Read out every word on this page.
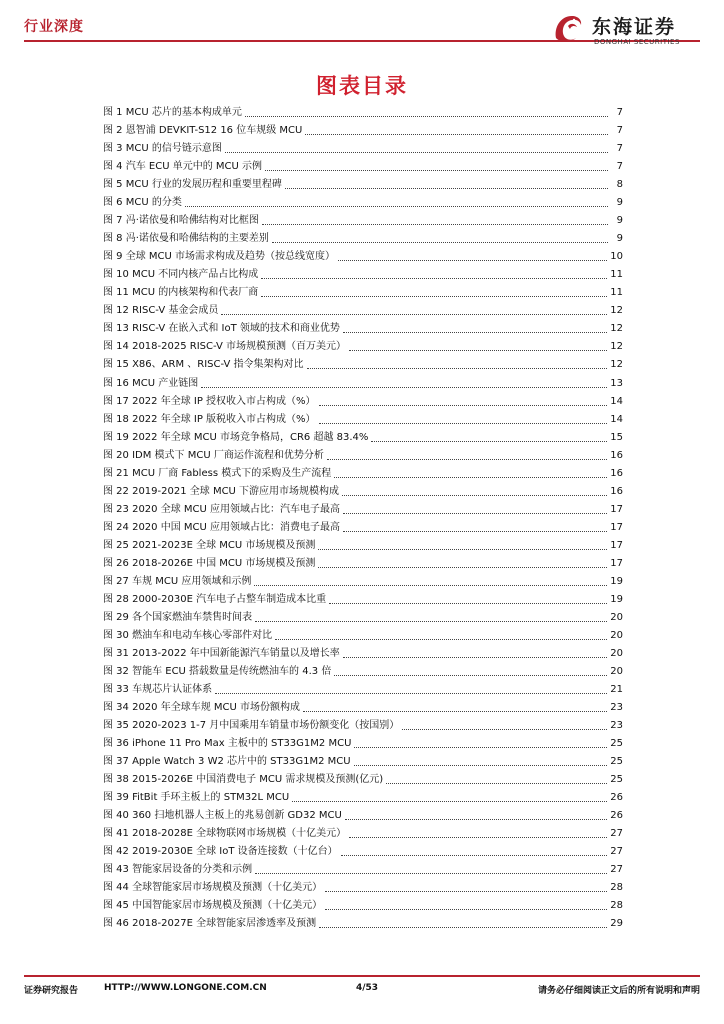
行业深度	东海证券
DONGHAI SECURITIES
图表目录
图 1 MCU 芯片的基本构成单元	7
图 2 恩智浦 DEVKIT-S12 16 位车规级 MCU	7
图 3 MCU 的信号链示意图	7
图 4 汽车 ECU 单元中的 MCU 示例	7
图 5 MCU 行业的发展历程和重要里程碑	8
图 6 MCU 的分类	9
图 7 冯·诺依曼和哈佛结构对比框图	9
图 8 冯·诺依曼和哈佛结构的主要差别	9
图 9 全球 MCU 市场需求构成及趋势（按总线宽度）	10
图 10 MCU 不同内核产品占比构成	11
图 11 MCU 的内核架构和代表厂商	11
图 12 RISC-V 基金会成员	12
图 13 RISC-V 在嵌入式和 IoT 领域的技术和商业优势	12
图 14 2018-2025 RISC-V 市场规模预测（百万美元）	12
图 15 X86、ARM 、RISC-V 指令集架构对比	12
图 16 MCU 产业链图	13
图 17 2022 年全球 IP 授权收入市占构成（%）	14
图 18 2022 年全球 IP 版税收入市占构成（%）	14
图 19 2022 年全球 MCU 市场竞争格局，CR6 超越 83.4%	15
图 20 IDM 模式下 MCU 厂商运作流程和优势分析	16
图 21 MCU 厂商 Fabless 模式下的采购及生产流程	16
图 22 2019-2021 全球 MCU 下游应用市场规模构成	16
图 23 2020 全球 MCU 应用领域占比：汽车电子最高	17
图 24 2020 中国 MCU 应用领域占比：消费电子最高	17
图 25 2021-2023E 全球 MCU 市场规模及预测	17
图 26 2018-2026E 中国 MCU 市场规模及预测	17
图 27 车规 MCU 应用领域和示例	19
图 28 2000-2030E 汽车电子占整车制造成本比重	19
图 29 各个国家燃油车禁售时间表	20
图 30 燃油车和电动车核心零部件对比	20
图 31 2013-2022 年中国新能源汽车销量以及增长率	20
图 32 智能车 ECU 搭载数量是传统燃油车的 4.3 倍	20
图 33 车规芯片认证体系	21
图 34 2020 年全球车规 MCU 市场份额构成	23
图 35 2020-2023 1-7 月中国乘用车销量市场份额变化（按国别）	23
图 36 iPhone 11 Pro Max 主板中的 ST33G1M2 MCU	25
图 37 Apple Watch 3 W2 芯片中的 ST33G1M2 MCU	25
图 38 2015-2026E 中国消费电子 MCU 需求规模及预测(亿元)	25
图 39 FitBit 手环主板上的 STM32L MCU	26
图 40 360 扫地机器人主板上的兆易创新 GD32 MCU	26
图 41 2018-2028E 全球物联网市场规模（十亿美元）	27
图 42 2019-2030E 全球 IoT 设备连接数（十亿台）	27
图 43 智能家居设备的分类和示例	27
图 44 全球智能家居市场规模及预测（十亿美元）	28
图 45 中国智能家居市场规模及预测（十亿美元）	28
图 46 2018-2027E 全球智能家居渗透率及预测	29
证券研究报告	HTTP://WWW.LONGONE.COM.CN	4/53	请务必仔细阅读正文后的所有说明和声明
